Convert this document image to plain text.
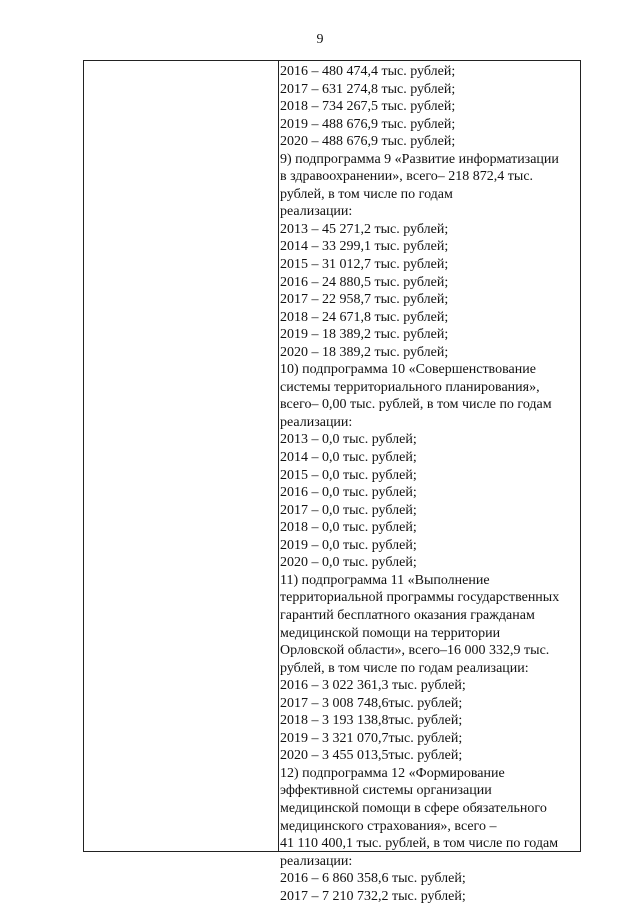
9
2016 – 480 474,4 тыс. рублей;
2017 – 631 274,8 тыс. рублей;
2018 – 734 267,5 тыс. рублей;
2019 – 488 676,9 тыс. рублей;
2020 – 488 676,9 тыс. рублей;
9) подпрограмма 9 «Развитие информатизации
в здравоохранении», всего– 218 872,4 тыс.
рублей, в том числе по годам
реализации:
2013 – 45 271,2 тыс. рублей;
2014 – 33 299,1 тыс. рублей;
2015 – 31 012,7 тыс. рублей;
2016 – 24 880,5 тыс. рублей;
2017 – 22 958,7 тыс. рублей;
2018 – 24 671,8 тыс. рублей;
2019 – 18 389,2 тыс. рублей;
2020 – 18 389,2 тыс. рублей;
10) подпрограмма 10 «Совершенствование
системы территориального планирования»,
всего– 0,00 тыс. рублей, в том числе по годам
реализации:
2013 – 0,0 тыс. рублей;
2014 – 0,0 тыс. рублей;
2015 – 0,0 тыс. рублей;
2016 – 0,0 тыс. рублей;
2017 – 0,0 тыс. рублей;
2018 – 0,0 тыс. рублей;
2019 – 0,0 тыс. рублей;
2020 – 0,0 тыс. рублей;
11) подпрограмма 11 «Выполнение
территориальной программы государственных
гарантий бесплатного оказания гражданам
медицинской помощи на территории
Орловской области», всего–16 000 332,9 тыс.
рублей, в том числе по годам реализации:
2016 – 3 022 361,3 тыс. рублей;
2017 – 3 008 748,6тыс. рублей;
2018 – 3 193 138,8тыс. рублей;
2019 – 3 321 070,7тыс. рублей;
2020 – 3 455 013,5тыс. рублей;
12) подпрограмма 12 «Формирование
эффективной системы организации
медицинской помощи в сфере обязательного
медицинского страхования», всего –
41 110 400,1 тыс. рублей, в том числе по годам
реализации:
2016 – 6 860 358,6 тыс. рублей;
2017 – 7 210 732,2 тыс. рублей;
